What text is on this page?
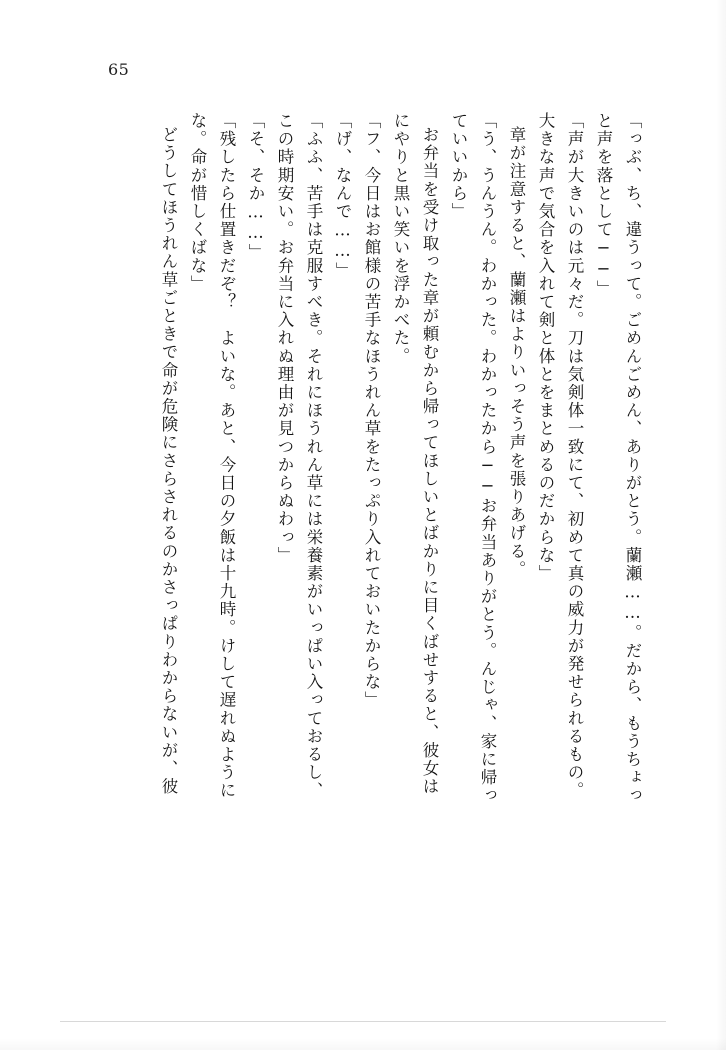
65
「っぶ、ち、違うって。ごめんごめん、ありがとう。蘭瀬……。だから、もうちょっ
と声を落として──」
「声が大きいのは元々だ。刀は気剣体一致にて、初めて真の威力が発せられるもの。
大きな声で気合を入れて剣と体とをまとめるのだからな」
章が注意すると、蘭瀬はよりいっそう声を張りあげる。
「う、うんうん。わかった。わかったから──お弁当ありがとう。んじゃ、家に帰っ
ていいから」
お弁当を受け取った章が頼むから帰ってほしいとばかりに目くばせすると、彼女は
にやりと黒い笑いを浮かべた。
「フ、今日はお館様の苦手なほうれん草をたっぷり入れておいたからな」
「げ、なんで……」
「ふふ、苦手は克服すべき。それにほうれん草には栄養素がいっぱい入っておるし、
この時期安い。お弁当に入れぬ理由が見つからぬわっ」
「そ、そか……」
「残したら仕置きだぞ？　よいな。あと、今日の夕飯は十九時。けして遅れぬように
な。命が惜しくばな」
どうしてほうれん草ごときで命が危険にさらされるのかさっぱりわからないが、彼
